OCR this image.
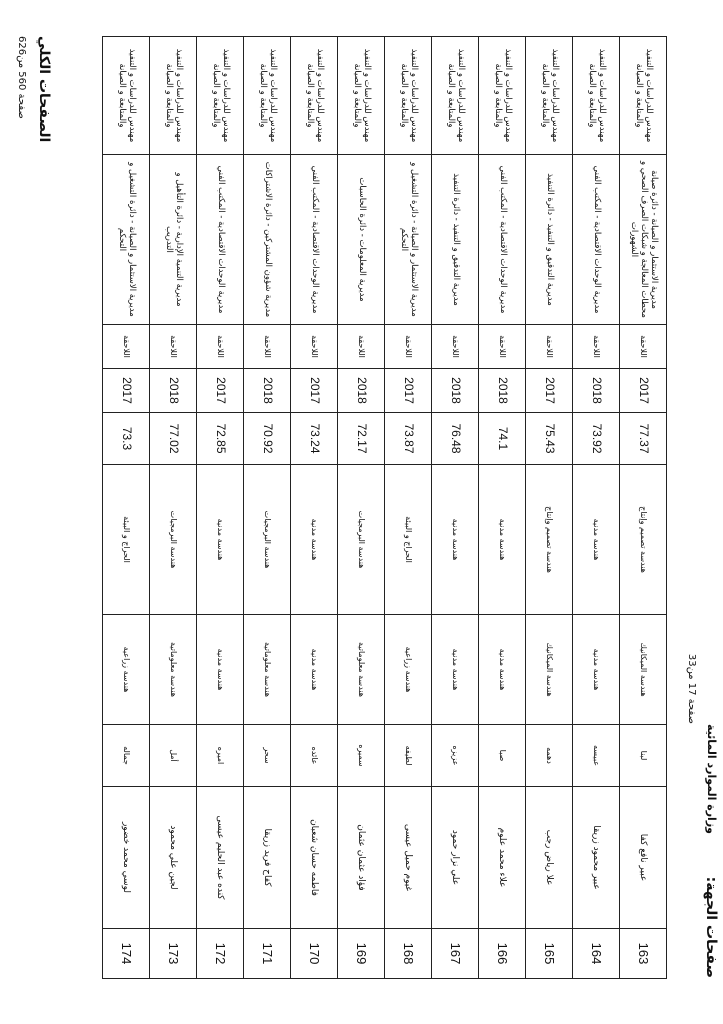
صفحات الجهة:
وزارة الموارد المائية
صفحة 17 من33
مهندس للدراسات و التنفيذ والمتابعة و الصيانة	مديرية الاستثمار و الصيانة - دائرة صيانة محطات المعالجة و شبكات الصرف الصحي و الشهورات	اللاحقة	2017	77.37	هندسة تصميم وإنتاج	هندسة الميكانيك	لبنا	عبير نافع كفا	163
مهندس للدراسات و التنفيذ والمتابعة و الصيانة	مديرية الوحدات الاقتصادية - المكتب الفني	اللاحقة	2018	73.92	هندسة مدنية	هندسة مدنية	عبيسه	عبير محمود زريقا	164
مهندس للدراسات و التنفيذ والمتابعة و الصيانة	مديرية التدقيق و التنفيذ - دائرة التنفيذ	اللاحقة	2017	75.43	هندسة تصميم وإنتاج	هندسة الميكانيك	دهمه	علا رياض رجب	165
مهندس للدراسات و التنفيذ والمتابعة و الصيانة	مديرية الوحدات الاقتصادية - المكتب الفني	اللاحقة	2018	74.1	هندسة مدنية	هندسة مدنية	صبا	علاء محمد علوم	166
مهندس للدراسات و التنفيذ والمتابعة و الصيانة	مديرية التدقيق و التنفيذ - دائرة التنفيذ	اللاحقة	2018	76.48	هندسة مدنية	هندسة مدنية	عزيزه	علي نزار حمود	167
مهندس للدراسات و التنفيذ والمتابعة و الصيانة	مديرية الاستثمار و الصيانة - دائرة التشغيل و التحكم	اللاحقة	2017	73.87	الحراج و البيئة	هندسة زراعية	لطيفه	غيوم حميل عيسى	168
مهندس للدراسات و التنفيذ والمتابعة و الصيانة	مديرية المعلومات - دائرة الحاسبات	اللاحقة	2018	72.17	هندسة البرمجيات	هندسة معلوماتية	سميره	فؤاد عثمان عثمان	169
مهندس للدراسات و التنفيذ والمتابعة و الصيانة	مديرية الوحدات الاقتصادية - المكتب الفني	اللاحقة	2017	73.24	هندسة مدنية	هندسة مدنية	عائده	فاطمه حسان شعبان	170
مهندس للدراسات و التنفيذ والمتابعة و الصيانة	مديرية شؤون المشتركين - دائرة الاشتراكات	اللاحقة	2018	70.92	هندسة البرمجيات	هندسة معلوماتية	سحر	كفاح فريد زريقا	171
مهندس للدراسات و التنفيذ والمتابعة و الصيانة	مديرية الوحدات الاقتصادية - المكتب الفني	اللاحقة	2017	72.85	هندسة مدنية	هندسة مدنية	اميره	كنده عبد الحليم عيسى	172
مهندس للدراسات و التنفيذ والمتابعة و الصيانة	مديرية التنمية الإدارية - دائرة التأهيل و التدريب	اللاحقة	2018	77.02	هندسة البرمجيات	هندسة معلوماتية	أمل	لجين علي محمود	173
مهندس للدراسات و التنفيذ والمتابعة و الصيانة	مديرية الاستثمار و الصيانة - دائرة التشغيل و التحكم	اللاحقة	2017	73.3	الحراج و البيئة	هندسة زراعية	جماله	لوسي محمد خضور	174
الصفحات الكلي
صفحة 560 من626
